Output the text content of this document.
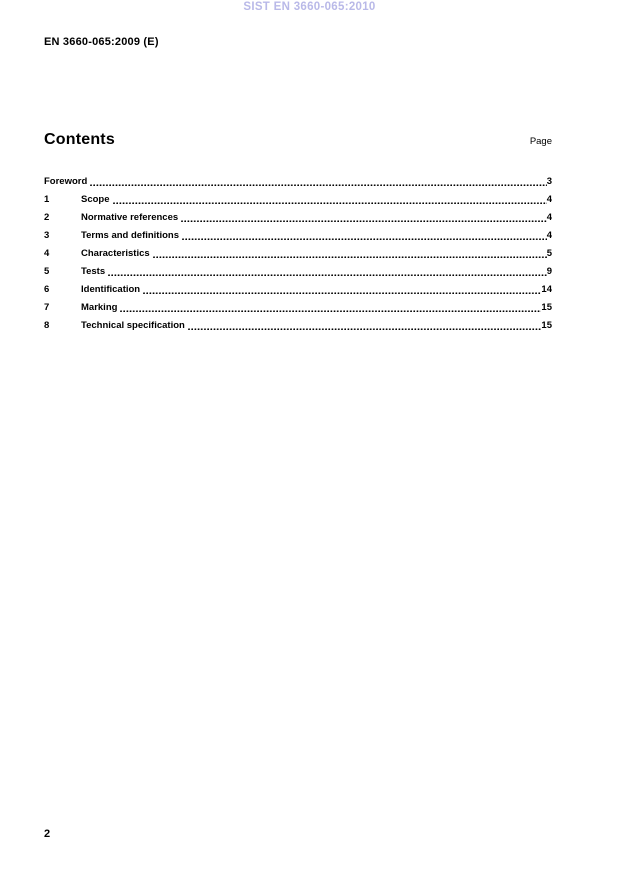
SIST EN 3660-065:2010
EN 3660-065:2009 (E)
Contents	Page
Foreword	3
1	Scope	4
2	Normative references	4
3	Terms and definitions	4
4	Characteristics	5
5	Tests	9
6	Identification	14
7	Marking	15
8	Technical specification	15
2
